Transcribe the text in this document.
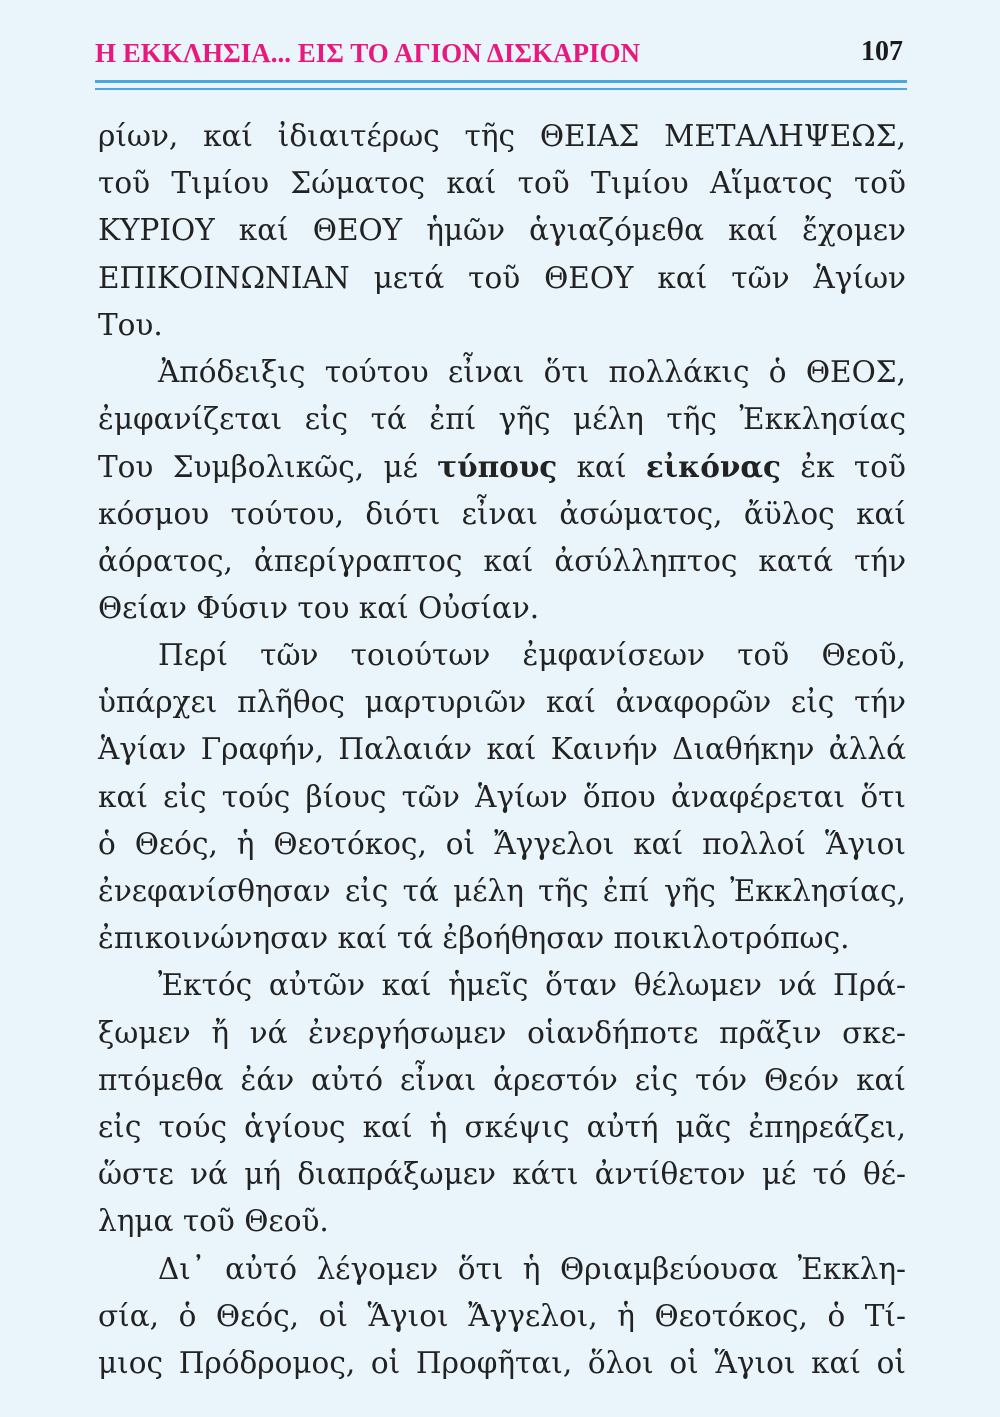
Η ΕΚΚΛΗΣΙΑ... ΕΙΣ ΤΟ ΑΓΙΟΝ ΔΙΣΚΑΡΙΟΝ	107
ρίων, καί ἰδιαιτέρως τῆς ΘΕΙΑΣ ΜΕΤΑΛΗΨΕΩΣ,
τοῦ Τιμίου Σώματος καί τοῦ Τιμίου Αἵματος τοῦ
ΚΥΡΙΟΥ καί ΘΕΟΥ ἡμῶν ἁγιαζόμεθα καί ἔχομεν
ΕΠΙΚΟΙΝΩΝΙΑΝ μετά τοῦ ΘΕΟΥ καί τῶν Ἁγίων
Του.
Ἀπόδειξις τούτου εἶναι ὅτι πολλάκις ὁ ΘΕΟΣ,
ἐμφανίζεται εἰς τά ἐπί γῆς μέλη τῆς Ἐκκλησίας
Του Συμβολικῶς, μέ τύπους καί εἰκόνας ἐκ τοῦ
κόσμου τούτου, διότι εἶναι ἀσώματος, ἄϋλος καί
ἀόρατος, ἀπερίγραπτος καί ἀσύλληπτος κατά τήν
Θείαν Φύσιν του καί Οὐσίαν.
Περί τῶν τοιούτων ἐμφανίσεων τοῦ Θεοῦ,
ὑπάρχει πλῆθος μαρτυριῶν καί ἀναφορῶν εἰς τήν
Ἁγίαν Γραφήν, Παλαιάν καί Καινήν Διαθήκην ἀλλά
καί εἰς τούς βίους τῶν Ἁγίων ὅπου ἀναφέρεται ὅτι
ὁ Θεός, ἡ Θεοτόκος, οἱ Ἄγγελοι καί πολλοί Ἅγιοι
ἐνεφανίσθησαν εἰς τά μέλη τῆς ἐπί γῆς Ἐκκλησίας,
ἐπικοινώνησαν καί τά ἐβοήθησαν ποικιλοτρόπως.
Ἐκτός αὐτῶν καί ἡμεῖς ὅταν θέλωμεν νά Πρά-
ξωμεν ἤ νά ἐνεργήσωμεν οἱανδήποτε πρᾶξιν σκε-
πτόμεθα ἐάν αὐτό εἶναι ἀρεστόν εἰς τόν Θεόν καί
εἰς τούς ἁγίους καί ἡ σκέψις αὐτή μᾶς ἐπηρεάζει,
ὥστε νά μή διαπράξωμεν κάτι ἀντίθετον μέ τό θέ-
λημα τοῦ Θεοῦ.
Δι᾽ αὐτό λέγομεν ὅτι ἡ Θριαμβεύουσα Ἐκκλη-
σία, ὁ Θεός, οἱ Ἅγιοι Ἄγγελοι, ἡ Θεοτόκος, ὁ Τί-
μιος Πρόδρομος, οἱ Προφῆται, ὅλοι οἱ Ἅγιοι καί οἱ
